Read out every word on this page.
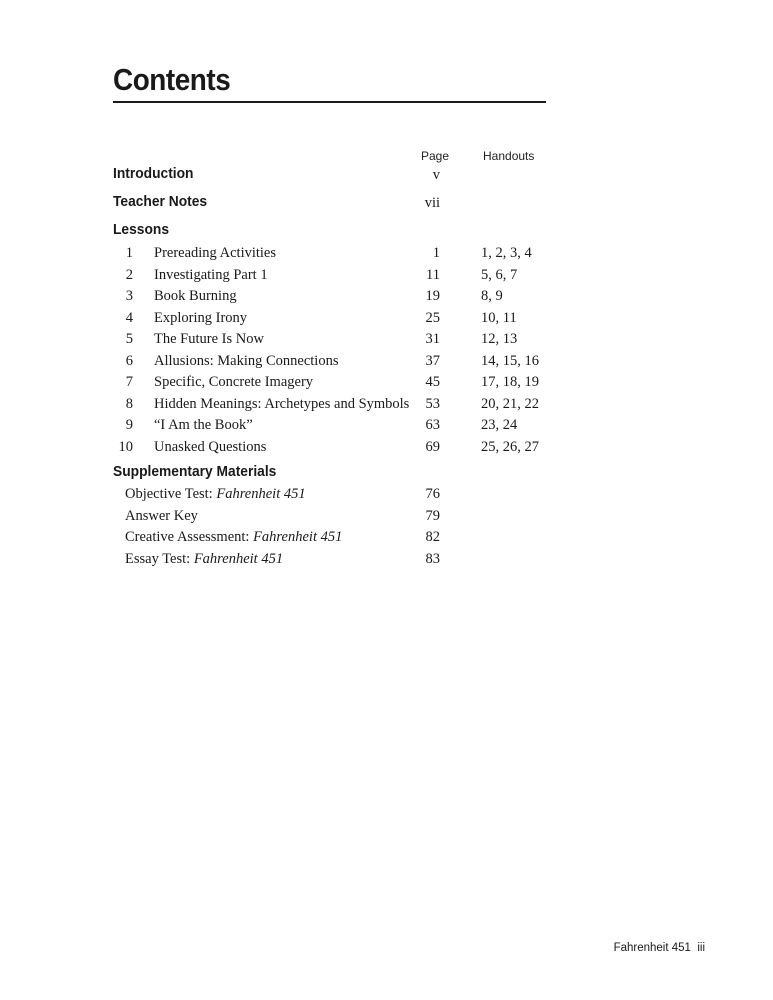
Contents
Page	Handouts
Introduction	v
Teacher Notes	vii
Lessons
1 Prereading Activities	1	1, 2, 3, 4
2 Investigating Part 1	11	5, 6, 7
3 Book Burning	19	8, 9
4 Exploring Irony	25	10, 11
5 The Future Is Now	31	12, 13
6 Allusions: Making Connections	37	14, 15, 16
7 Specific, Concrete Imagery	45	17, 18, 19
8 Hidden Meanings: Archetypes and Symbols	53	20, 21, 22
9 “I Am the Book”	63	23, 24
10 Unasked Questions	69	25, 26, 27
Supplementary Materials
Objective Test: Fahrenheit 451	76
Answer Key	79
Creative Assessment: Fahrenheit 451	82
Essay Test: Fahrenheit 451	83
Fahrenheit 451 iii
